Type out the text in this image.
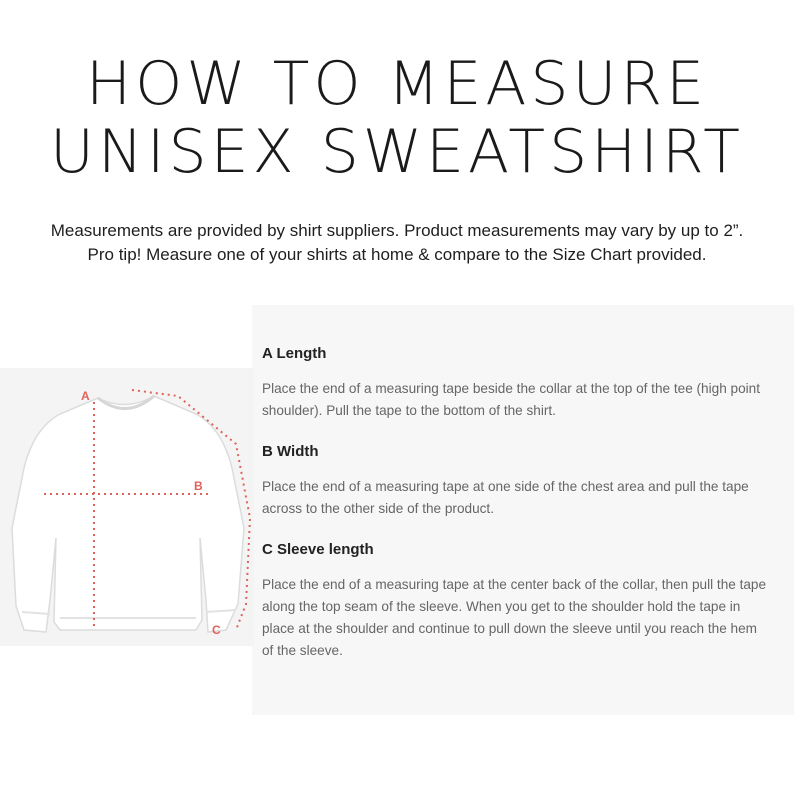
HOW TO MEASURE
UNISEX SWEATSHIRT
Measurements are provided by shirt suppliers. Product measurements may vary by up to 2”.
Pro tip! Measure one of your shirts at home & compare to the Size Chart provided.
A
B
C
A Length
Place the end of a measuring tape beside the collar at the top of the tee (high point shoulder). Pull the tape to the bottom of the shirt.
B Width
Place the end of a measuring tape at one side of the chest area and pull the tape across to the other side of the product.
C Sleeve length
Place the end of a measuring tape at the center back of the collar, then pull the tape along the top seam of the sleeve. When you get to the shoulder hold the tape in place at the shoulder and continue to pull down the sleeve until you reach the hem of the sleeve.
